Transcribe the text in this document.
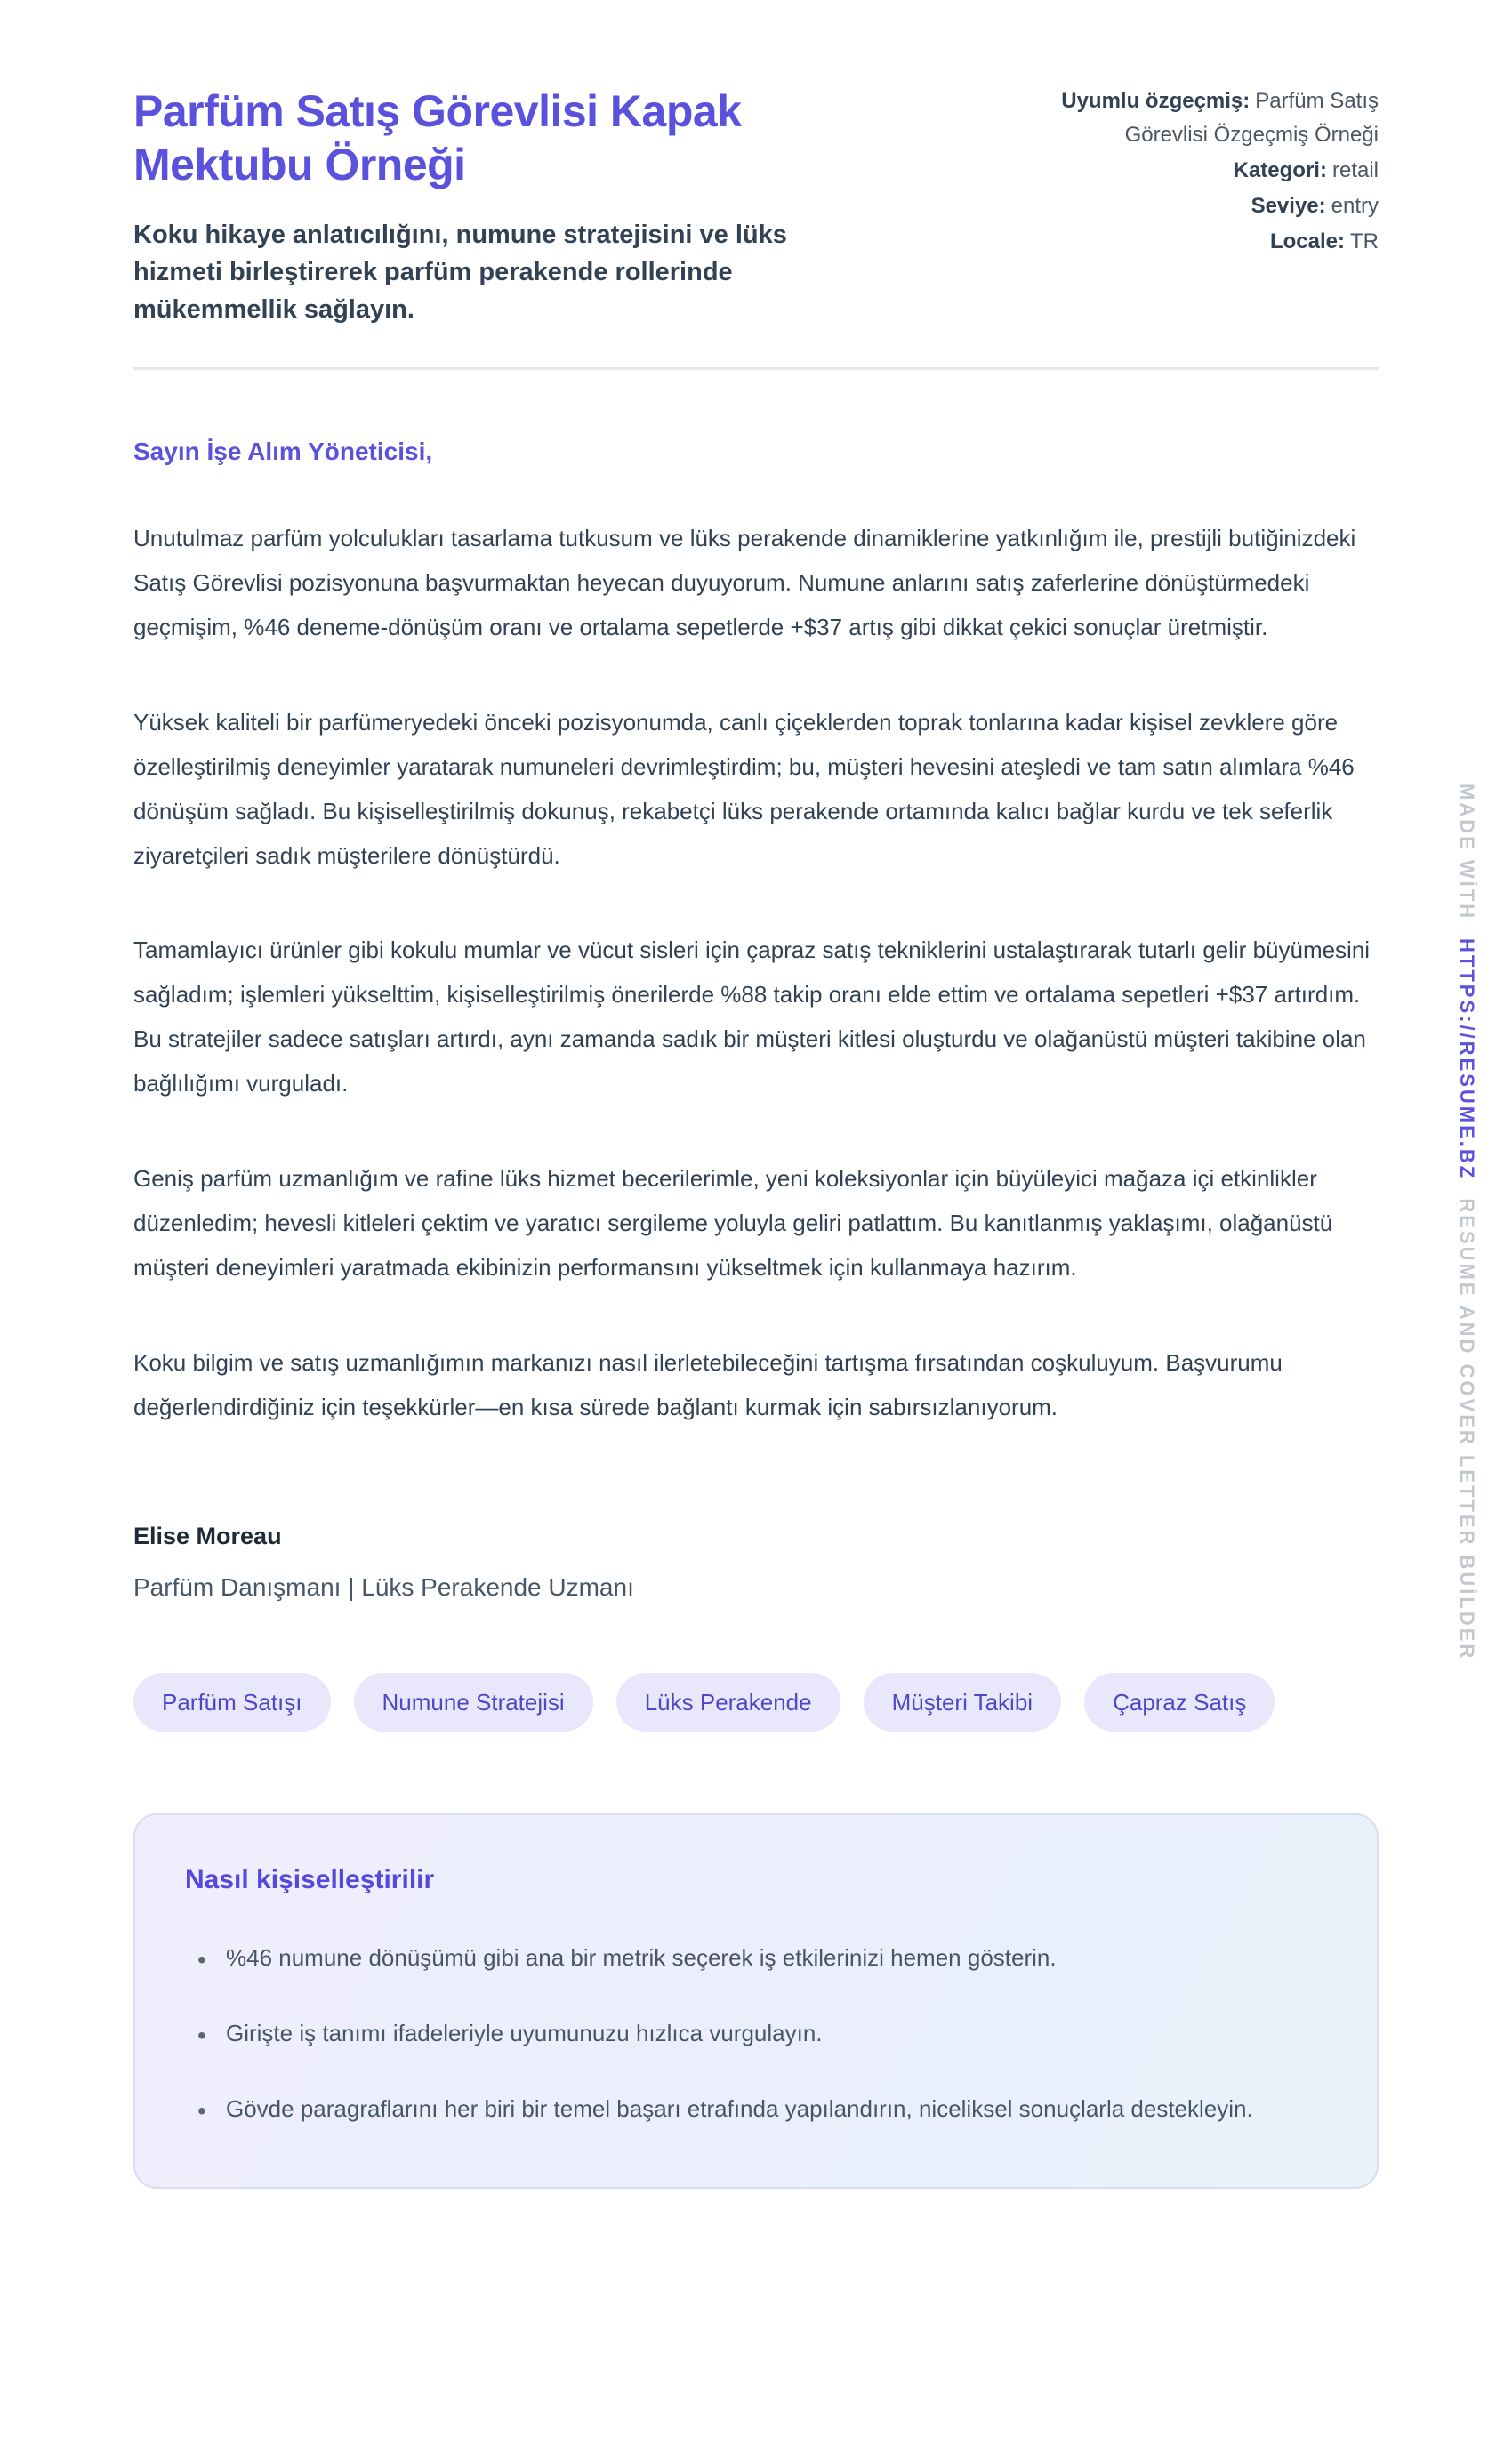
Parfüm Satış Görevlisi Kapak Mektubu Örneği

Koku hikaye anlatıcılığını, numune stratejisini ve lüks hizmeti birleştirerek parfüm perakende rollerinde mükemmellik sağlayın.

Uyumlu özgeçmiş: Parfüm Satış Görevlisi Özgeçmiş Örneği
Kategori: retail
Seviye: entry
Locale: TR

Sayın İşe Alım Yöneticisi,

Unutulmaz parfüm yolculukları tasarlama tutkusum ve lüks perakende dinamiklerine yatkınlığım ile, prestijli butiğinizdeki Satış Görevlisi pozisyonuna başvurmaktan heyecan duyuyorum. Numune anlarını satış zaferlerine dönüştürmedeki geçmişim, %46 deneme-dönüşüm oranı ve ortalama sepetlerde +$37 artış gibi dikkat çekici sonuçlar üretmiştir.

Yüksek kaliteli bir parfümeryedeki önceki pozisyonumda, canlı çiçeklerden toprak tonlarına kadar kişisel zevklere göre özelleştirilmiş deneyimler yaratarak numuneleri devrimleştirdim; bu, müşteri hevesini ateşledi ve tam satın alımlara %46 dönüşüm sağladı. Bu kişiselleştirilmiş dokunuş, rekabetçi lüks perakende ortamında kalıcı bağlar kurdu ve tek seferlik ziyaretçileri sadık müşterilere dönüştürdü.

Tamamlayıcı ürünler gibi kokulu mumlar ve vücut sisleri için çapraz satış tekniklerini ustalaştırarak tutarlı gelir büyümesini sağladım; işlemleri yükselttim, kişiselleştirilmiş önerilerde %88 takip oranı elde ettim ve ortalama sepetleri +$37 artırdım. Bu stratejiler sadece satışları artırdı, aynı zamanda sadık bir müşteri kitlesi oluşturdu ve olağanüstü müşteri takibine olan bağlılığımı vurguladı.

Geniş parfüm uzmanlığım ve rafine lüks hizmet becerilerimle, yeni koleksiyonlar için büyüleyici mağaza içi etkinlikler düzenledim; hevesli kitleleri çektim ve yaratıcı sergileme yoluyla geliri patlattım. Bu kanıtlanmış yaklaşımı, olağanüstü müşteri deneyimleri yaratmada ekibinizin performansını yükseltmek için kullanmaya hazırım.

Koku bilgim ve satış uzmanlığımın markanızı nasıl ilerletebileceğini tartışma fırsatından coşkuluyum. Başvurumu değerlendirdiğiniz için teşekkürler—en kısa sürede bağlantı kurmak için sabırsızlanıyorum.

Elise Moreau

Parfüm Danışmanı | Lüks Perakende Uzmanı

Parfüm Satışı	Numune Stratejisi	Lüks Perakende	Müşteri Takibi	Çapraz Satış
Nasıl kişiselleştirilir
• %46 numune dönüşümü gibi ana bir metrik seçerek iş etkilerinizi hemen gösterin.
• Girişte iş tanımı ifadeleriyle uyumunuzu hızlıca vurgulayın.
• Gövde paragraflarını her biri bir temel başarı etrafında yapılandırın, niceliksel sonuçlarla destekleyin.
MADE WİTHHTTPS://RESUME.BZRESUME AND COVER LETTER BUİLDER
